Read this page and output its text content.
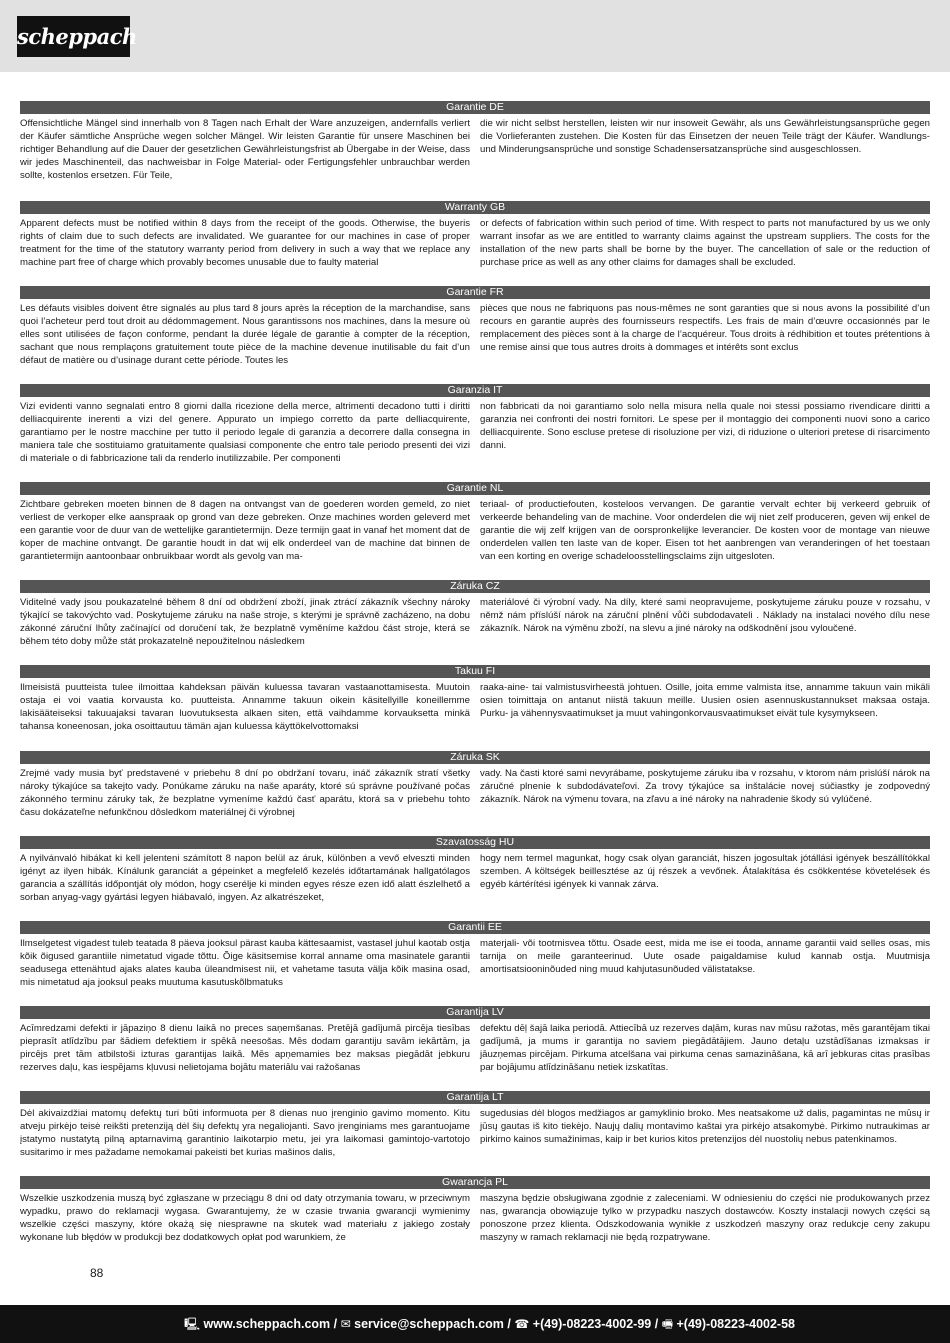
scheppach
Garantie DE
Offensichtliche Mängel sind innerhalb von 8 Tagen nach Erhalt der Ware anzuzeigen, andernfalls verliert der Käufer sämtliche Ansprüche wegen solcher Mängel. Wir leisten Garantie für unsere Maschinen bei richtiger Behandlung auf die Dauer der gesetzlichen Gewährleistungsfrist ab Übergabe in der Weise, dass wir jedes Maschinenteil, das nachweisbar in Folge Material- oder Fertigungsfehler unbrauchbar werden sollte, kostenlos ersetzen. Für Teile,
die wir nicht selbst herstellen, leisten wir nur insoweit Gewähr, als uns Gewährleistungsansprüche gegen die Vorlieferanten zustehen. Die Kosten für das Einsetzen der neuen Teile trägt der Käufer. Wandlungs- und Minderungsansprüche und sonstige Schadensersatzansprüche sind ausgeschlossen.
Warranty GB
Apparent defects must be notified within 8 days from the receipt of the goods. Otherwise, the buyeris rights of claim due to such defects are invalidated. We guarantee for our machines in case of proper treatment for the time of the statutory warranty period from delivery in such a way that we replace any machine part free of charge which provably becomes unusable due to faulty material
or defects of fabrication within such period of time. With respect to parts not manufactured by us we only warrant insofar as we are entitled to warranty claims against the upstream suppliers. The costs for the installation of the new parts shall be borne by the buyer. The cancellation of sale or the reduction of purchase price as well as any other claims for damages shall be excluded.
Garantie FR
Les défauts visibles doivent être signalés au plus tard 8 jours après la réception de la marchandise, sans quoi l’acheteur perd tout droit au dédommagement. Nous garantissons nos machines, dans la mesure où elles sont utilisées de façon conforme, pendant la durée légale de garantie à compter de la réception, sachant que nous remplaçons gratuitement toute pièce de la machine devenue inutilisable du fait d’un défaut de matière ou d’usinage durant cette période. Toutes les
pièces que nous ne fabriquons pas nous-mêmes ne sont garanties que si nous avons la possibilité d’un recours en garantie auprès des fournisseurs respectifs. Les frais de main d’œuvre occasionnés par le remplacement des pièces sont à la charge de l’acquéreur. Tous droits à rédhibition et toutes prétentions à une remise ainsi que tous autres droits à dommages et intérêts sont exclus
Garanzia IT
Vizi evidenti vanno segnalati entro 8 giorni dalla ricezione della merce, altrimenti decadono tutti i diritti delliacquirente inerenti a vizi del genere. Appurato un impiego corretto da parte delliacquirente, garantiamo per le nostre macchine per tutto il periodo legale di garanzia a decorrere dalla consegna in maniera tale che sostituiamo gratuitamente qualsiasi componente che entro tale periodo presenti dei vizi di materiale o di fabbricazione tali da renderlo inutilizzabile. Per componenti
non fabbricati da noi garantiamo solo nella misura nella quale noi stessi possiamo rivendicare diritti a garanzia nei confronti dei nostri fornitori. Le spese per il montaggio dei componenti nuovi sono a carico delliacquirente. Sono escluse pretese di risoluzione per vizi, di riduzione o ulteriori pretese di risarcimento danni.
Garantie NL
Zichtbare gebreken moeten binnen de 8 dagen na ontvangst van de goederen worden gemeld, zo niet verliest de verkoper elke aanspraak op grond van deze gebreken. Onze machines worden geleverd met een garantie voor de duur van de wettelijke garantietermijn. Deze termijn gaat in vanaf het moment dat de koper de machine ontvangt. De garantie houdt in dat wij elk onderdeel van de machine dat binnen de garantietermijn aantoonbaar onbruikbaar wordt als gevolg van ma-
teriaal- of productiefouten, kosteloos vervangen. De garantie vervalt echter bij verkeerd gebruik of verkeerde behandeling van de machine. Voor onderdelen die wij niet zelf produceren, geven wij enkel de garantie die wij zelf krijgen van de oorspronkelijke leverancier. De kosten voor de montage van nieuwe onderdelen vallen ten laste van de koper. Eisen tot het aanbrengen van veranderingen of het toestaan van een korting en overige schadeloosstellingsclaims zijn uitgesloten.
Záruka CZ
Viditelné vady jsou poukazatelné během 8 dní od obdržení zboží, jinak ztrácí zákazník všechny nároky týkající se takovýchto vad. Poskytujeme záruku na naše stroje, s kterými je správně zacházeno, na dobu zákonné záruční lhůty začínající od doručení tak, že bezplatně vyměníme každou část stroje, která se během této doby může stát prokazatelně nepoužitelnou následkem
materiálové či výrobní vady. Na díly, které sami neopravujeme, poskytujeme záruku pouze v rozsahu, v němž nám příslúší nárok na záruční plnění vůči subdodavateli . Náklady na instalaci nového dílu nese zákazník. Nárok na výměnu zboží, na slevu a jiné nároky na odškodnění jsou vyloučené.
Takuu FI
Ilmeisistä puutteista tulee ilmoittaa kahdeksan päivän kuluessa tavaran vastaanottamisesta. Muutoin ostaja ei voi vaatia korvausta ko. puutteista. Annamme takuun oikein käsitellyille koneillemme lakisääteiseksi takuuajaksi tavaran luovutuksesta alkaen siten, että vaihdamme korvauksetta minkä tahansa koneenosan, joka osoittautuu tämän ajan kuluessa käyttökelvottomaksi
raaka-aine- tai valmistusvirheestä johtuen. Osille, joita emme valmista itse, annamme takuun vain mikäli osien toimittaja on antanut niistä takuun meille. Uusien osien asennuskustannukset maksaa ostaja. Purku- ja vähennysvaatimukset ja muut vahingonkorvausvaatimukset eivät tule kysymykseen.
Záruka SK
Zrejmé vady musia byť predstavené v priebehu 8 dní po obdržaní tovaru, ináč zákazník stratí všetky nároky týkajúce sa takejto vady. Ponúkame záruku na naše aparáty, ktoré sú správne používané počas zákonného terminu záruky tak, že bezplatne vymeníme každú časť aparátu, ktorá sa v priebehu tohto času dokázateľne nefunkčnou dôsledkom materiálnej či výrobnej
vady. Na časti ktoré sami nevyrábame, poskytujeme záruku iba v rozsahu, v ktorom nám prislúší nárok na záručné plnenie k subdodávateľovi. Za trovy týkajúce sa inštalácie novej súčiastky je zodpovedný zákazník. Nárok na výmenu tovara, na zľavu a iné nároky na nahradenie škody sú vylúčené.
Szavatosság HU
A nyilvánvaló hibákat ki kell jelenteni számított 8 napon belül az áruk, különben a vevő elveszti minden igényt az ilyen hibák. Kínálunk garanciát a gépeinket a megfelelő kezelés időtartamának hallgatólagos garancia a szállítás időpontját oly módon, hogy cserélje ki minden egyes része ezen idő alatt észlelhető a sorban anyag-vagy gyártási legyen hiábavaló, ingyen. Az alkatrészeket,
hogy nem termel magunkat, hogy csak olyan garanciát, hiszen jogosultak jótállási igények beszállítókkal szemben. A költségek beillesztése az új részek a vevőnek. Átalakítása és csökkentése követelések és egyéb kártérítési igények ki vannak zárva.
Garantii EE
Ilmselgetest vigadest tuleb teatada 8 päeva jooksul pärast kauba kättesaamist, vastasel juhul kaotab ostja kõik õigused garantiile nimetatud vigade tõttu. Õige käsitsemise korral anname oma masinatele garantii seadusega ettenähtud ajaks alates kauba üleandmisest nii, et vahetame tasuta välja kõik masina osad, mis nimetatud aja jooksul peaks muutuma kasutuskõlbmatuks
materjali- või tootmisvea tõttu. Osade eest, mida me ise ei tooda, anname garantii vaid selles osas, mis tarnija on meile garanteerinud. Uute osade paigaldamise kulud kannab ostja. Muutmisja amortisatsiooninõuded ning muud kahjutasunõuded välistatakse.
Garantija LV
Acīmredzami defekti ir jāpaziņo 8 dienu laikā no preces saņemšanas. Pretējā gadījumā pircēja tiesības pieprasīt atlīdzību par šādiem defektiem ir spēkā neesošas. Mēs dodam garantiju savām iekārtām, ja pircējs pret tām atbilstoši izturas garantijas laikā. Mēs apņemamies bez maksas piegādāt jebkuru rezerves daļu, kas iespējams kļuvusi nelietojama bojātu materiālu vai ražošanas
defektu dēļ šajā laika periodā. Attiecībā uz rezerves daļām, kuras nav mūsu ražotas, mēs garantējam tikai gadījumā, ja mums ir garantija no saviem piegādātājiem. Jauno detaļu uzstādīšanas izmaksas ir jāuzņemas pircējam. Pirkuma atcelšana vai pirkuma cenas samazināšana, kā arī jebkuras citas prasības par bojājumu atlīdzināšanu netiek izskatītas.
Garantija LT
Dėl akivaizdžiai matomų defektų turi būti informuota per 8 dienas nuo įrenginio gavimo momento. Kitu atveju pirkėjo teisė reikšti pretenziją dėl šių defektų yra negaliojanti. Savo įrenginiams mes garantuojame įstatymo nustatytą pilną aptarnavimą garantinio laikotarpio metu, jei yra laikomasi gamintojo-vartotojo susitarimo ir mes pažadame nemokamai pakeisti bet kurias mašinos dalis,
sugedusias dėl blogos medžiagos ar gamyklinio broko. Mes neatsakome už dalis, pagamintas ne mūsų ir jūsų gautas iš kito tiekėjo. Naujų dalių montavimo kaštai yra pirkėjo atsakomybė. Pirkimo nutraukimas ar pirkimo kainos sumažinimas, kaip ir bet kurios kitos pretenzijos dėl nuostolių nebus patenkinamos.
Gwarancja PL
Wszelkie uszkodzenia muszą być zgłaszane w przeciągu 8 dni od daty otrzymania towaru, w przeciwnym wypadku, prawo do reklamacji wygasa. Gwarantujemy, że w czasie trwania gwarancji wymienimy wszelkie części maszyny, które okażą się niesprawne na skutek wad materiału z jakiego zostały wykonane lub błędów w produkcji bez dodatkowych opłat pod warunkiem, że
maszyna będzie obsługiwana zgodnie z zaleceniami. W odniesieniu do części nie produkowanych przez nas, gwarancja obowiązuje tylko w przypadku naszych dostawców. Koszty instalacji nowych części są ponoszone przez klienta. Odszkodowania wynikłe z uszkodzeń maszyny oraz redukcje ceny zakupu maszyny w ramach reklamacji nie będą rozpatrywane.
88
🖳 www.scheppach.com / ✉ service@scheppach.com / ☎ +(49)-08223-4002-99 / 🖷 +(49)-08223-4002-58
